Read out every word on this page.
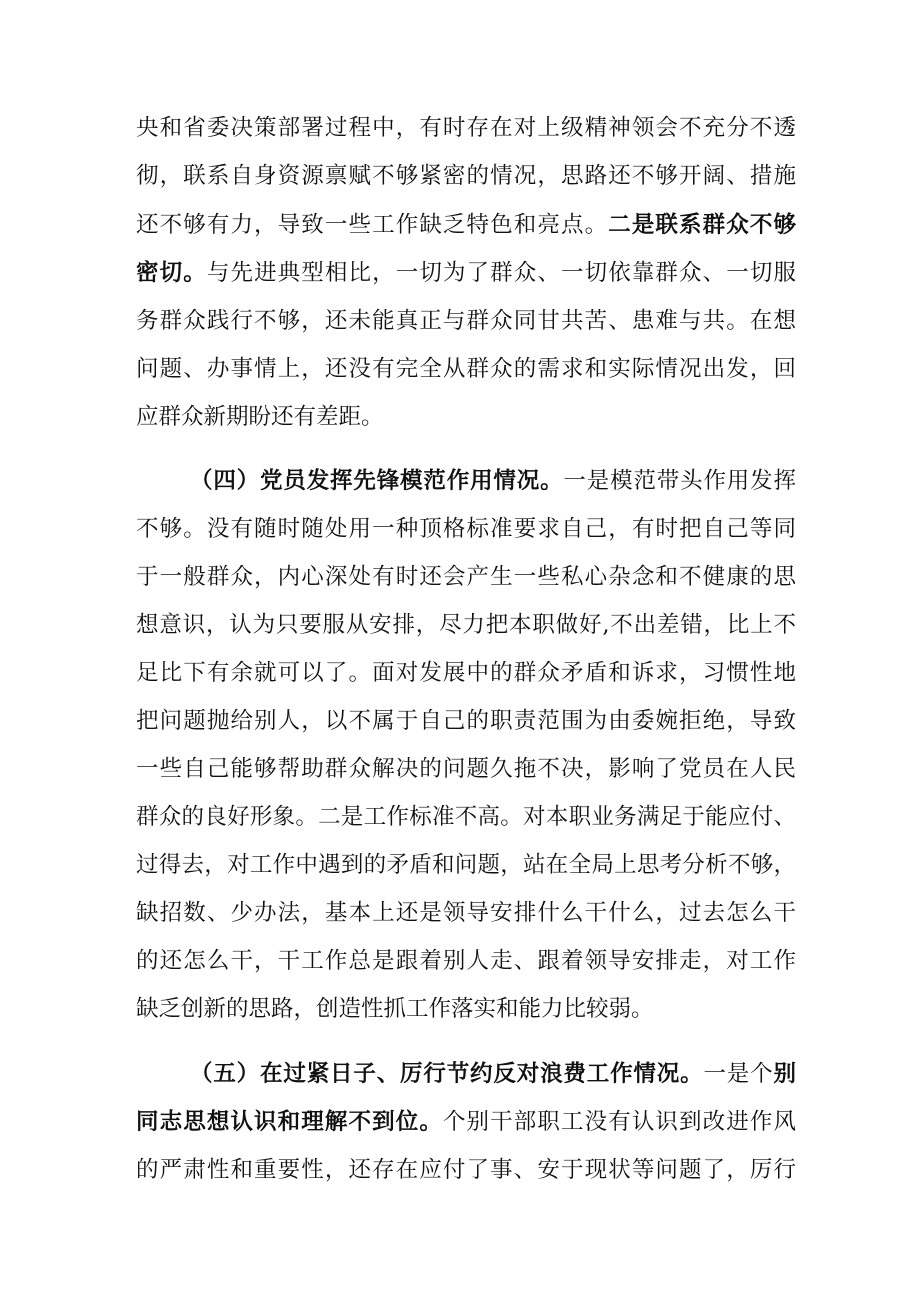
央和省委决策部署过程中，有时存在对上级精神领会不充分不透
彻，联系自身资源禀赋不够紧密的情况，思路还不够开阔、措施
还不够有力，导致一些工作缺乏特色和亮点。二是联系群众不够
密切。与先进典型相比，一切为了群众、一切依靠群众、一切服
务群众践行不够，还未能真正与群众同甘共苦、患难与共。在想
问题、办事情上，还没有完全从群众的需求和实际情况出发，回
应群众新期盼还有差距。
（四）党员发挥先锋模范作用情况。一是模范带头作用发挥
不够。没有随时随处用一种顶格标准要求自己，有时把自己等同
于一般群众，内心深处有时还会产生一些私心杂念和不健康的思
想意识，认为只要服从安排，尽力把本职做好,不出差错，比上不
足比下有余就可以了。面对发展中的群众矛盾和诉求，习惯性地
把问题抛给别人，以不属于自己的职责范围为由委婉拒绝，导致
一些自己能够帮助群众解决的问题久拖不决，影响了党员在人民
群众的良好形象。二是工作标准不高。对本职业务满足于能应付、
过得去，对工作中遇到的矛盾和问题，站在全局上思考分析不够，
缺招数、少办法，基本上还是领导安排什么干什么，过去怎么干
的还怎么干，干工作总是跟着别人走、跟着领导安排走，对工作
缺乏创新的思路，创造性抓工作落实和能力比较弱。
（五）在过紧日子、厉行节约反对浪费工作情况。一是个别
同志思想认识和理解不到位。个别干部职工没有认识到改进作风
的严肃性和重要性，还存在应付了事、安于现状等问题了，厉行
